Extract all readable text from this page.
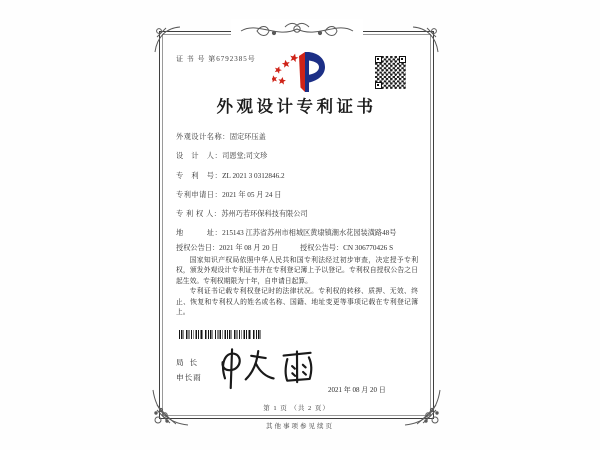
证 书 号 第6792385号
外观设计专利证书
外观设计名称：固定环压盖
设　计　人：司恩堂;司文珍
专　利　号：ZL 2021 3 0312846.2
专利申请日：2021 年 05 月 24 日
专 利 权 人：苏州巧若环保科技有限公司
地　　　址：215143 江苏省苏州市相城区黄埭镇潮水花园装潢路48号
授权公告日：2021 年 08 月 20 日	授权公告号：CN 306770426 S

国家知识产权局依照中华人民共和国专利法经过初步审查，决定授予专利权，颁发外观设计专利证书并在专利登记簿上予以登记。专利权自授权公告之日起生效。专利权期限为十年，自申请日起算。

专利证书记载专利权登记时的法律状况。专利权的转移、质押、无效、终止、恢复和专利权人的姓名或名称、国籍、地址变更等事项记载在专利登记簿上。

局 长
申长雨
2021 年 08 月 20 日
第 1 页 （共 2 页）
其他事项参见续页
